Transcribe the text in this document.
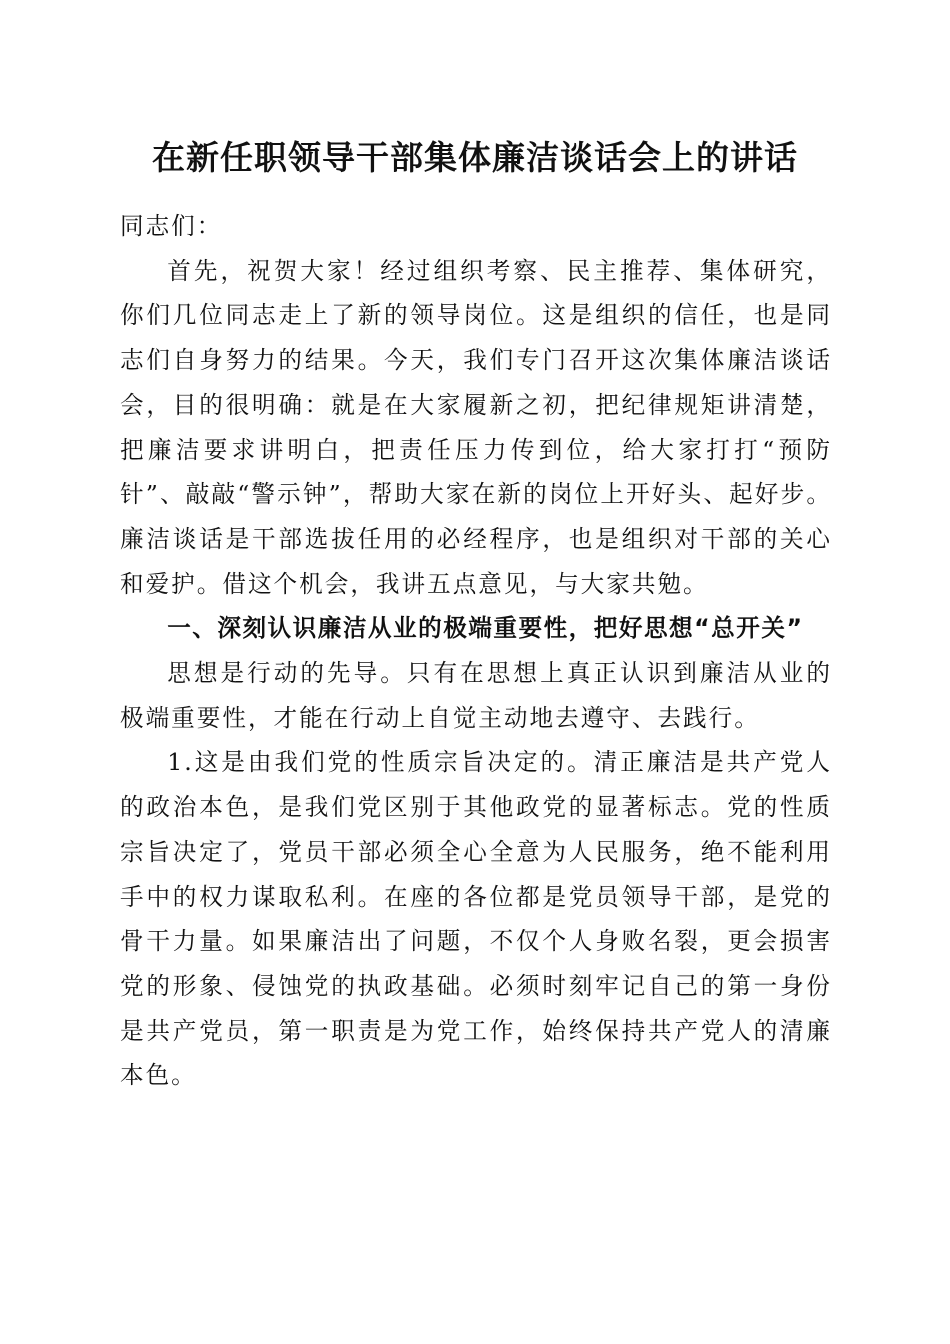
在新任职领导干部集体廉洁谈话会上的讲话

同志们：

首先，祝贺大家！经过组织考察、民主推荐、集体研究，你们几位同志走上了新的领导岗位。这是组织的信任，也是同志们自身努力的结果。今天，我们专门召开这次集体廉洁谈话会，目的很明确：就是在大家履新之初，把纪律规矩讲清楚，把廉洁要求讲明白，把责任压力传到位，给大家打打“预防针”、敲敲“警示钟”，帮助大家在新的岗位上开好头、起好步。廉洁谈话是干部选拔任用的必经程序，也是组织对干部的关心和爱护。借这个机会，我讲五点意见，与大家共勉。

一、深刻认识廉洁从业的极端重要性，把好思想“总开关”

思想是行动的先导。只有在思想上真正认识到廉洁从业的极端重要性，才能在行动上自觉主动地去遵守、去践行。

1.这是由我们党的性质宗旨决定的。清正廉洁是共产党人的政治本色，是我们党区别于其他政党的显著标志。党的性质宗旨决定了，党员干部必须全心全意为人民服务，绝不能利用手中的权力谋取私利。在座的各位都是党员领导干部，是党的骨干力量。如果廉洁出了问题，不仅个人身败名裂，更会损害党的形象、侵蚀党的执政基础。必须时刻牢记自己的第一身份是共产党员，第一职责是为党工作，始终保持共产党人的清廉本色。
